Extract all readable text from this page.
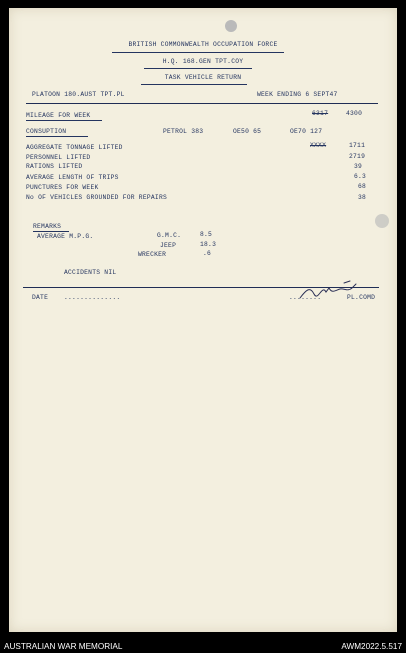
BRITISH COMMONWEALTH OCCUPATION FORCE
H.Q. 168.GEN TPT.COY
TASK VEHICLE RETURN
PLATOON 180.AUST TPT.PL	WEEK ENDING 6 SEPT47
MILEAGE FOR WEEK	6317	4300
CONSUPTION	PETROL 383	OE50 65	OE70 127
AGGREGATE TONNAGE LIFTED	XXXX	1711
PERSONNEL LIFTED	2719
RATIONS LIFTED	39
AVERAGE LENGTH OF TRIPS	6.3
PUNCTURES FOR WEEK	68
No OF VEHICLES GROUNDED FOR REPAIRS	38
REMARKS
AVERAGE M.P.G.	G.M.C.	8.5
JEEP	18.3
WRECKER	.6
ACCIDENTS NIL
DATE	..............	........	PL.COMD
AUSTRALIAN WAR MEMORIAL	AWM2022.5.517
